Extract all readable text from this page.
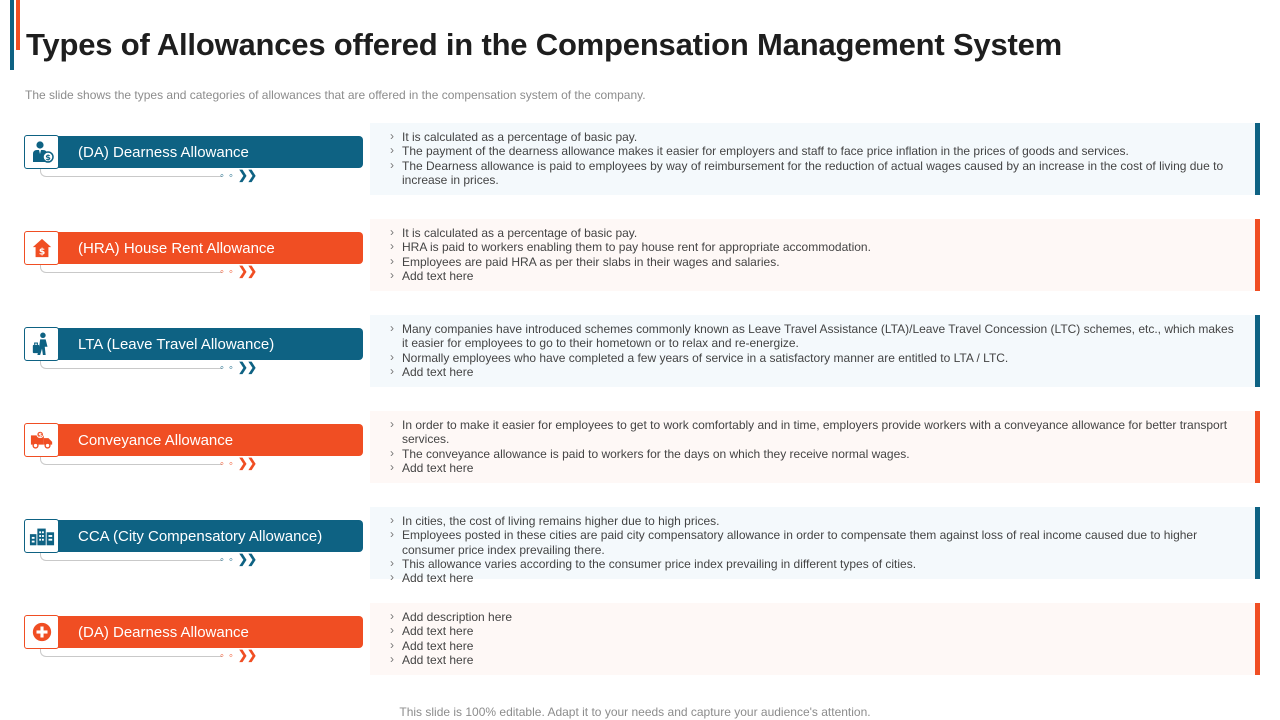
Types of Allowances offered in the Compensation Management System

The slide shows the types and categories of allowances that are offered in the compensation system of the company.

$	(DA) Dearness Allowance
◦ ◦ ❯❯
› It is calculated as a percentage of basic pay.
› The payment of the dearness allowance makes it easier for employers and staff to face price inflation in the prices of goods and services.
› The Dearness allowance is paid to employees by way of reimbursement for the reduction of actual wages caused by an increase in the cost of living due to increase in prices.
$	(HRA) House Rent Allowance
◦ ◦ ❯❯
› It is calculated as a percentage of basic pay.
› HRA is paid to workers enabling them to pay house rent for appropriate accommodation.
› Employees are paid HRA as per their slabs in their wages and salaries.
› Add text here
LTA (Leave Travel Allowance)
◦ ◦ ❯❯
› Many companies have introduced schemes commonly known as Leave Travel Assistance (LTA)/Leave Travel Concession (LTC) schemes, etc., which makes it easier for employees to go to their hometown or to relax and re-energize.
› Normally employees who have completed a few years of service in a satisfactory manner are entitled to LTA / LTC.
› Add text here
$	Conveyance Allowance
◦ ◦ ❯❯
› In order to make it easier for employees to get to work comfortably and in time, employers provide workers with a conveyance allowance for better transport services.
› The conveyance allowance is paid to workers for the days on which they receive normal wages.
› Add text here
CCA (City Compensatory Allowance)
◦ ◦ ❯❯
› In cities, the cost of living remains higher due to high prices.
› Employees posted in these cities are paid city compensatory allowance in order to compensate them against loss of real income caused due to higher consumer price index prevailing there.
› This allowance varies according to the consumer price index prevailing in different types of cities.
› Add text here
(DA) Dearness Allowance
◦ ◦ ❯❯
› Add description here
› Add text here
› Add text here
› Add text here

This slide is 100% editable. Adapt it to your needs and capture your audience's attention.
